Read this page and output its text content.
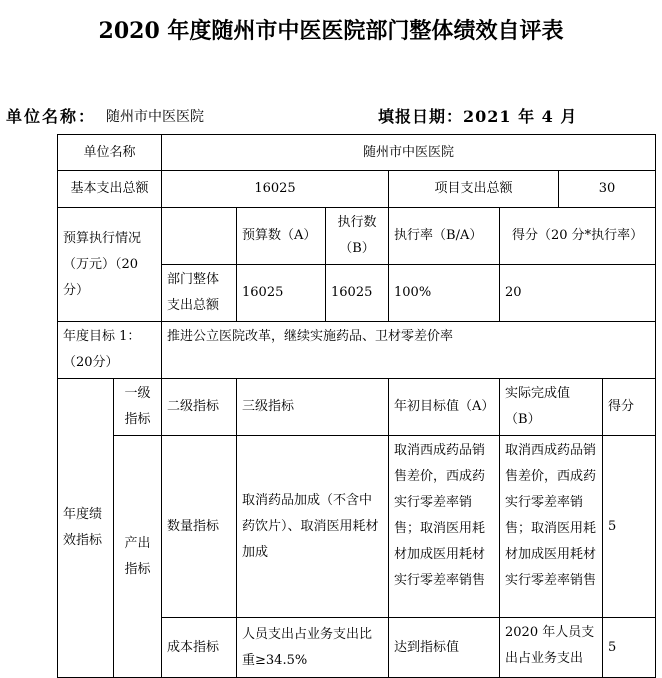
2020 年度随州市中医医院部门整体绩效自评表
单位名称： 随州市中医医院	填报日期：2021 年 4 月
单位名称		随州市中医医院						
基本支出总额		16025			项目支出总额		30	
预算执行情况（万元）（20分）			预算数（A）	执行数（B）	执行率（B/A）	得分（20 分*执行率）		
		部门整体支出总额	16025	16025	100%	20		
年度目标 1：（20分）		推进公立医院改革，继续实施药品、卫材零差价率						
年度绩效指标	一级指标	二级指标	三级指标		年初目标值（A）	实际完成值（B）		得分
	产出指标	数量指标	取消药品加成（不含中药饮片）、取消医用耗材加成		取消西成药品销售差价，西成药实行零差率销售；取消医用耗材加成医用耗材实行零差率销售	取消西成药品销售差价，西成药实行零差率销售；取消医用耗材加成医用耗材实行零差率销售		5
		成本指标	人员支出占业务支出比重≥34.5%		达到指标值	2020 年人员支出占业务支出		5
